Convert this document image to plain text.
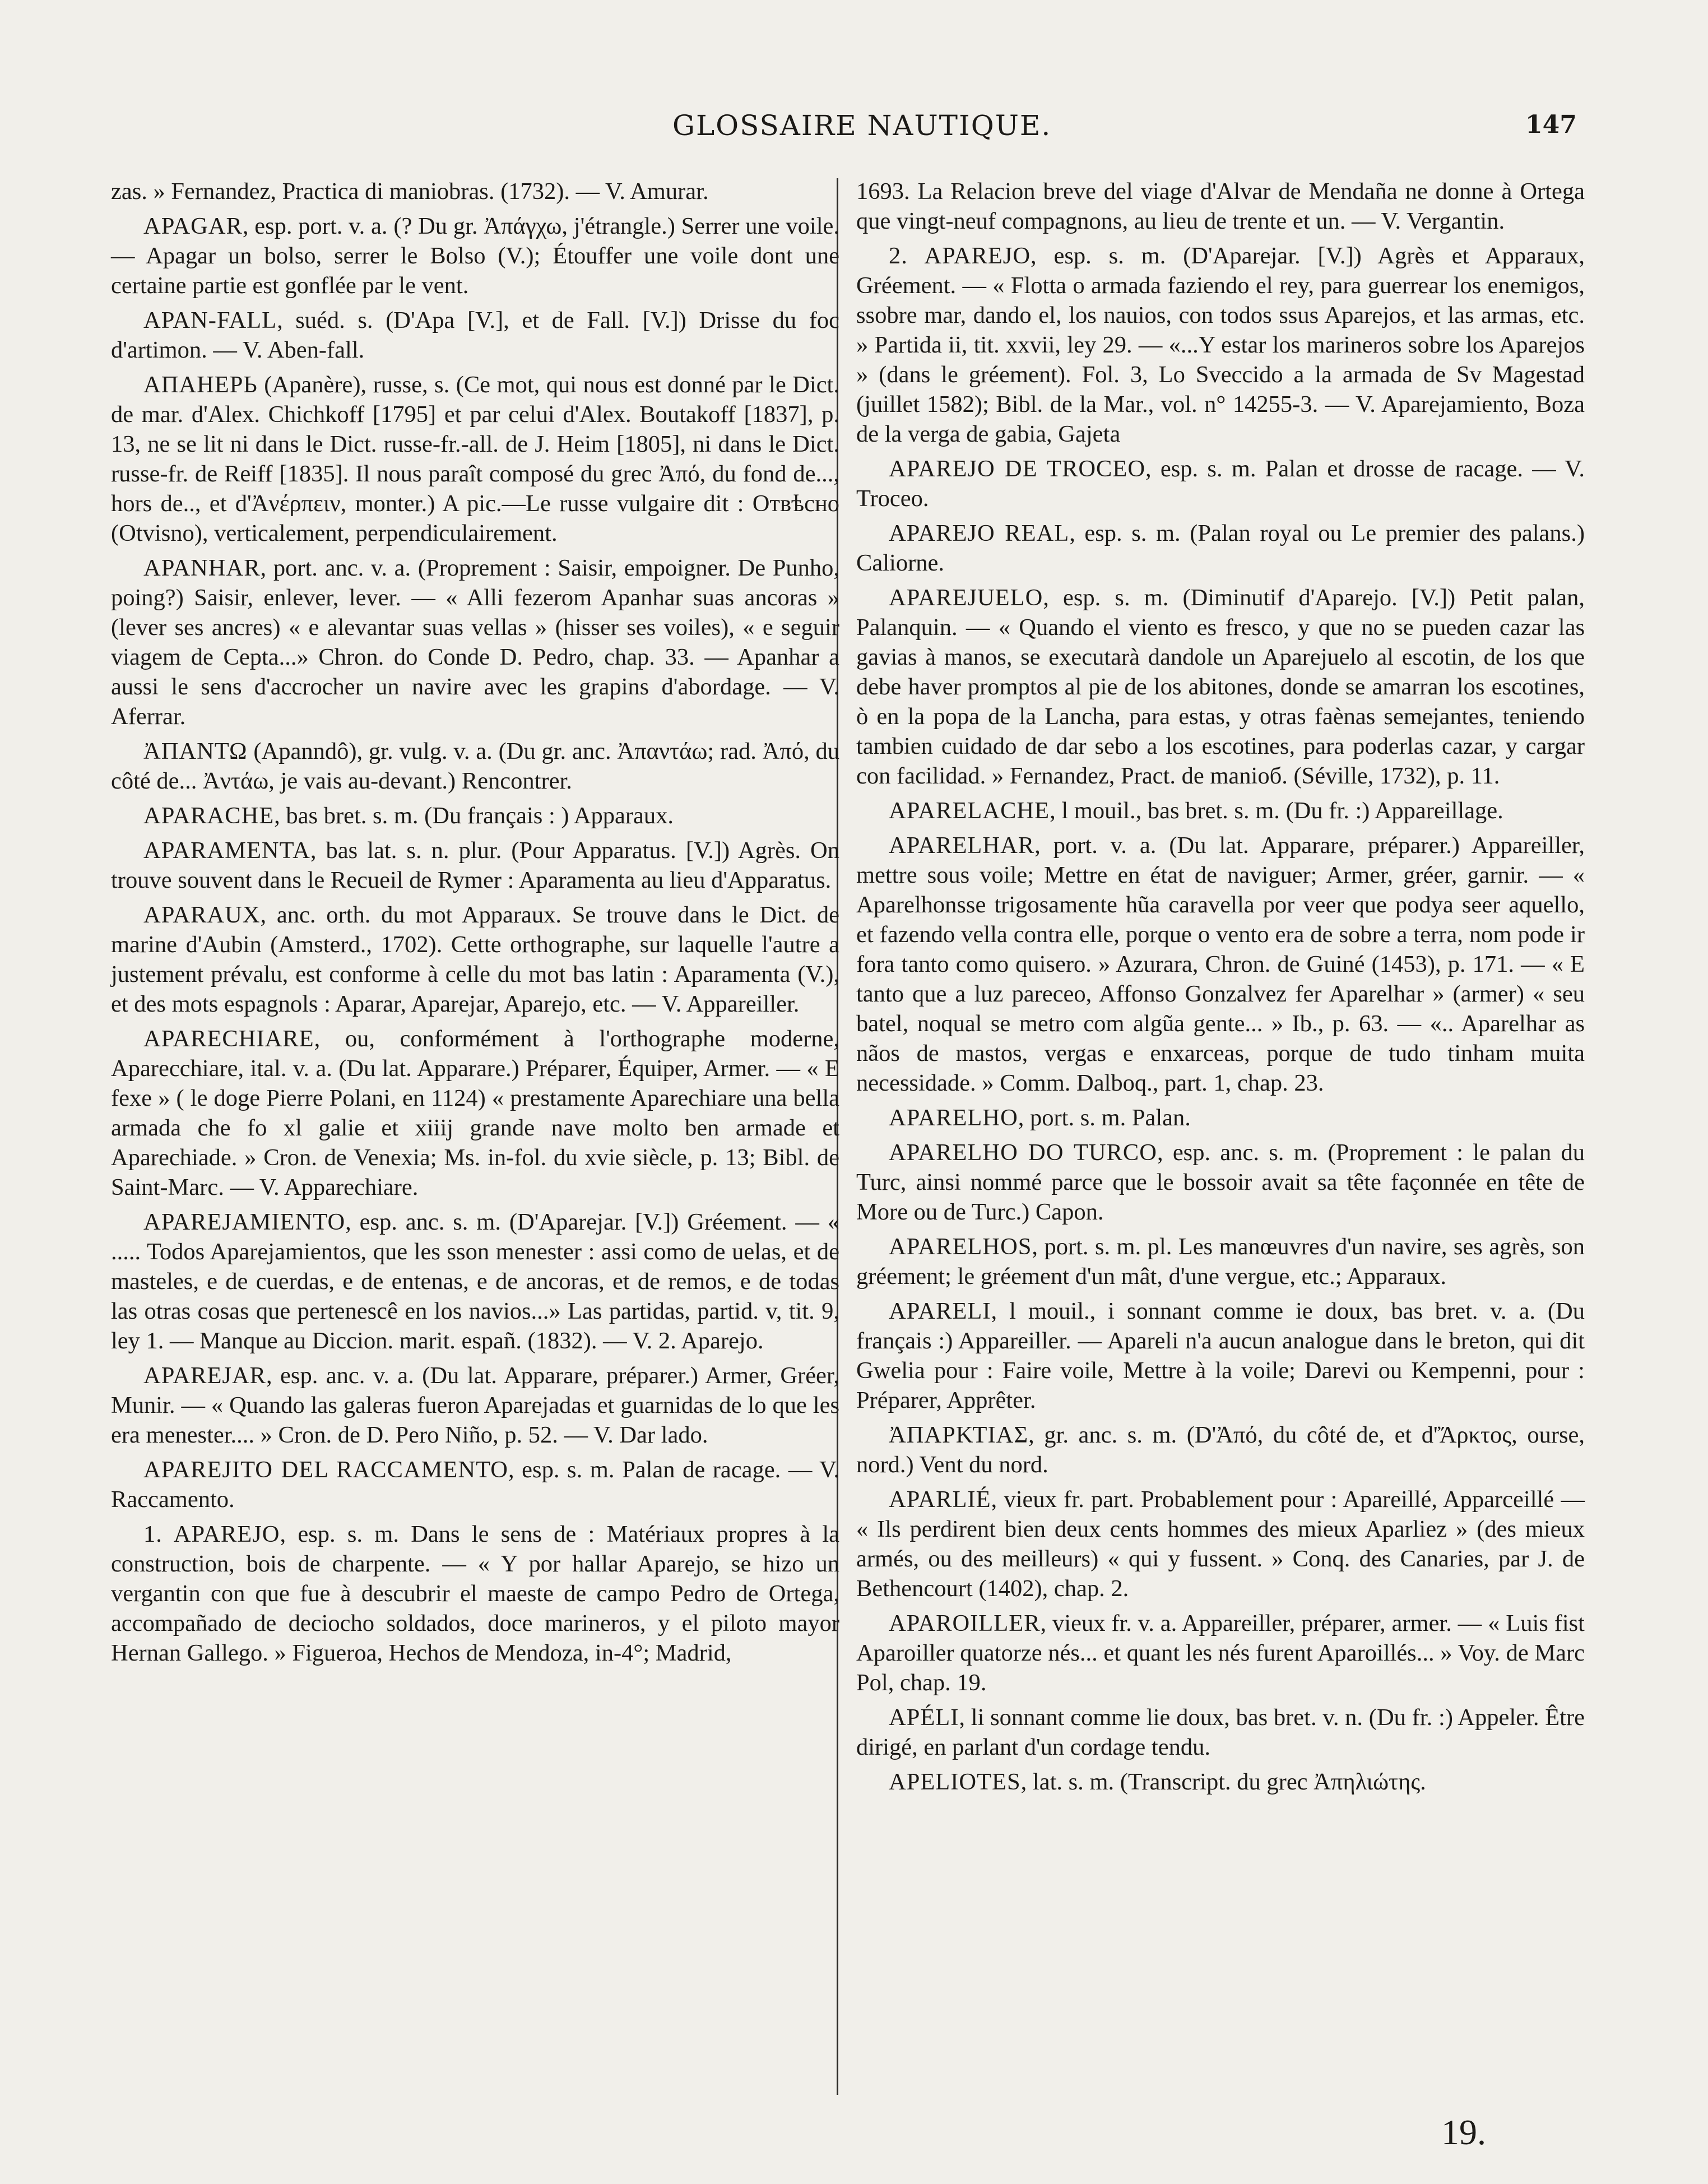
GLOSSAIRE NAUTIQUE.	147

zas. » Fernandez, Practica di maniobras. (1732). — V. Amurar.

APAGAR, esp. port. v. a. (? Du gr. Ἀπάγχω, j'étrangle.) Serrer une voile. — Apagar un bolso, serrer le Bolso (V.); Étouffer une voile dont une certaine partie est gonflée par le vent.

APAN-FALL, suéd. s. (D'Apa [V.], et de Fall. [V.]) Drisse du foc d'artimon. — V. Aben-fall.

АПАНЕРЬ (Apanère), russe, s. (Ce mot, qui nous est donné par le Dict. de mar. d'Alex. Chichkoff [1795] et par celui d'Alex. Boutakoff [1837], p. 13, ne se lit ni dans le Dict. russe-fr.-all. de J. Heim [1805], ni dans le Dict. russe-fr. de Reiff [1835]. Il nous paraît composé du grec Ἀπό, du fond de..., hors de.., et d'Ἀνέρπειν, monter.) A pic.—Le russe vulgaire dit : Отвѣсно (Otvisno), verticalement, perpendiculairement.

APANHAR, port. anc. v. a. (Proprement : Saisir, empoigner. De Punho, poing?) Saisir, enlever, lever. — « Alli fezerom Apanhar suas ancoras » (lever ses ancres) « e alevantar suas vellas » (hisser ses voiles), « e seguir viagem de Cepta...» Chron. do Conde D. Pedro, chap. 33. — Apanhar a aussi le sens d'accrocher un navire avec les grapins d'abordage. — V. Aferrar.

ἈΠΑΝΤΩ (Apanndô), gr. vulg. v. a. (Du gr. anc. Ἀπαντάω; rad. Ἀπό, du côté de... Ἀντάω, je vais au-devant.) Rencontrer.

APARACHE, bas bret. s. m. (Du français : ) Apparaux.

APARAMENTA, bas lat. s. n. plur. (Pour Apparatus. [V.]) Agrès. On trouve souvent dans le Recueil de Rymer : Aparamenta au lieu d'Apparatus.

APARAUX, anc. orth. du mot Apparaux. Se trouve dans le Dict. de marine d'Aubin (Amsterd., 1702). Cette orthographe, sur laquelle l'autre a justement prévalu, est conforme à celle du mot bas latin : Aparamenta (V.), et des mots espagnols : Aparar, Aparejar, Aparejo, etc. — V. Appareiller.

APARECHIARE, ou, conformément à l'orthographe moderne, Aparecchiare, ital. v. a. (Du lat. Apparare.) Préparer, Équiper, Armer. — « E fexe » ( le doge Pierre Polani, en 1124) « prestamente Aparechiare una bella armada che fo xl galie et xiiij grande nave molto ben armade et Aparechiade. » Cron. de Venexia; Ms. in-fol. du xvie siècle, p. 13; Bibl. de Saint-Marc. — V. Apparechiare.

APAREJAMIENTO, esp. anc. s. m. (D'Aparejar. [V.]) Gréement. — « ..... Todos Aparejamientos, que les sson menester : assi como de uelas, et de masteles, e de cuerdas, e de entenas, e de ancoras, et de remos, e de todas las otras cosas que pertenescê en los navios...» Las partidas, partid. v, tit. 9, ley 1. — Manque au Diccion. marit. españ. (1832). — V. 2. Aparejo.

APAREJAR, esp. anc. v. a. (Du lat. Apparare, préparer.) Armer, Gréer, Munir. — « Quando las galeras fueron Aparejadas et guarnidas de lo que les era menester.... » Cron. de D. Pero Niño, p. 52. — V. Dar lado.

APAREJITO DEL RACCAMENTO, esp. s. m. Palan de racage. — V. Raccamento.

1. APAREJO, esp. s. m. Dans le sens de : Matériaux propres à la construction, bois de charpente. — « Y por hallar Aparejo, se hizo un vergantin con que fue à descubrir el maeste de campo Pedro de Ortega, accompañado de deciocho soldados, doce marineros, y el piloto mayor Hernan Gallego. » Figueroa, Hechos de Mendoza, in-4°; Madrid,

1693. La Relacion breve del viage d'Alvar de Mendaña ne donne à Ortega que vingt-neuf compagnons, au lieu de trente et un. — V. Vergantin.

2. APAREJO, esp. s. m. (D'Aparejar. [V.]) Agrès et Apparaux, Gréement. — « Flotta o armada faziendo el rey, para guerrear los enemigos, ssobre mar, dando el, los nauios, con todos ssus Aparejos, et las armas, etc. » Partida ii, tit. xxvii, ley 29. — «...Y estar los marineros sobre los Aparejos » (dans le gréement). Fol. 3, Lo Sveccido a la armada de Sv Magestad (juillet 1582); Bibl. de la Mar., vol. n° 14255-3. — V. Aparejamiento, Boza de la verga de gabia, Gajeta

APAREJO DE TROCEO, esp. s. m. Palan et drosse de racage. — V. Troceo.

APAREJO REAL, esp. s. m. (Palan royal ou Le premier des palans.) Caliorne.

APAREJUELO, esp. s. m. (Diminutif d'Aparejo. [V.]) Petit palan, Palanquin. — « Quando el viento es fresco, y que no se pueden cazar las gavias à manos, se executarà dandole un Aparejuelo al escotin, de los que debe haver promptos al pie de los abitones, donde se amarran los escotines, ò en la popa de la Lancha, para estas, y otras faènas semejantes, teniendo tambien cuidado de dar sebo a los escotines, para poderlas cazar, y cargar con facilidad. » Fernandez, Pract. de manioб. (Séville, 1732), p. 11.

APARELACHE, l mouil., bas bret. s. m. (Du fr. :) Appareillage.

APARELHAR, port. v. a. (Du lat. Apparare, préparer.) Appareiller, mettre sous voile; Mettre en état de naviguer; Armer, gréer, garnir. — « Aparelhonsse trigosamente hũa caravella por veer que podya seer aquello, et fazendo vella contra elle, porque o vento era de sobre a terra, nom pode ir fora tanto como quisero. » Azurara, Chron. de Guiné (1453), p. 171. — « E tanto que a luz pareceo, Affonso Gonzalvez fer Aparelhar » (armer) « seu batel, noqual se metro com algũa gente... » Ib., p. 63. — «.. Aparelhar as nãos de mastos, vergas e enxarceas, porque de tudo tinham muita necessidade. » Comm. Dalboq., part. 1, chap. 23.

APARELHO, port. s. m. Palan.

APARELHO DO TURCO, esp. anc. s. m. (Proprement : le palan du Turc, ainsi nommé parce que le bossoir avait sa tête façonnée en tête de More ou de Turc.) Capon.

APARELHOS, port. s. m. pl. Les manœuvres d'un navire, ses agrès, son gréement; le gréement d'un mât, d'une vergue, etc.; Apparaux.

APARELI, l mouil., i sonnant comme ie doux, bas bret. v. a. (Du français :) Appareiller. — Apareli n'a aucun analogue dans le breton, qui dit Gwelia pour : Faire voile, Mettre à la voile; Darevi ou Kempenni, pour : Préparer, Apprêter.

ἈΠΑΡΚΤΙΑΣ, gr. anc. s. m. (D'Ἀπό, du côté de, et d'Ἄρκτος, ourse, nord.) Vent du nord.

APARLIÉ, vieux fr. part. Probablement pour : Apareillé, Apparceillé — « Ils perdirent bien deux cents hommes des mieux Aparliez » (des mieux armés, ou des meilleurs) « qui y fussent. » Conq. des Canaries, par J. de Bethencourt (1402), chap. 2.

APAROILLER, vieux fr. v. a. Appareiller, préparer, armer. — « Luis fist Aparoiller quatorze nés... et quant les nés furent Aparoillés... » Voy. de Marc Pol, chap. 19.

APÉLI, li sonnant comme lie doux, bas bret. v. n. (Du fr. :) Appeler. Être dirigé, en parlant d'un cordage tendu.

APELIOTES, lat. s. m. (Transcript. du grec Ἀπηλιώτης.

19.
